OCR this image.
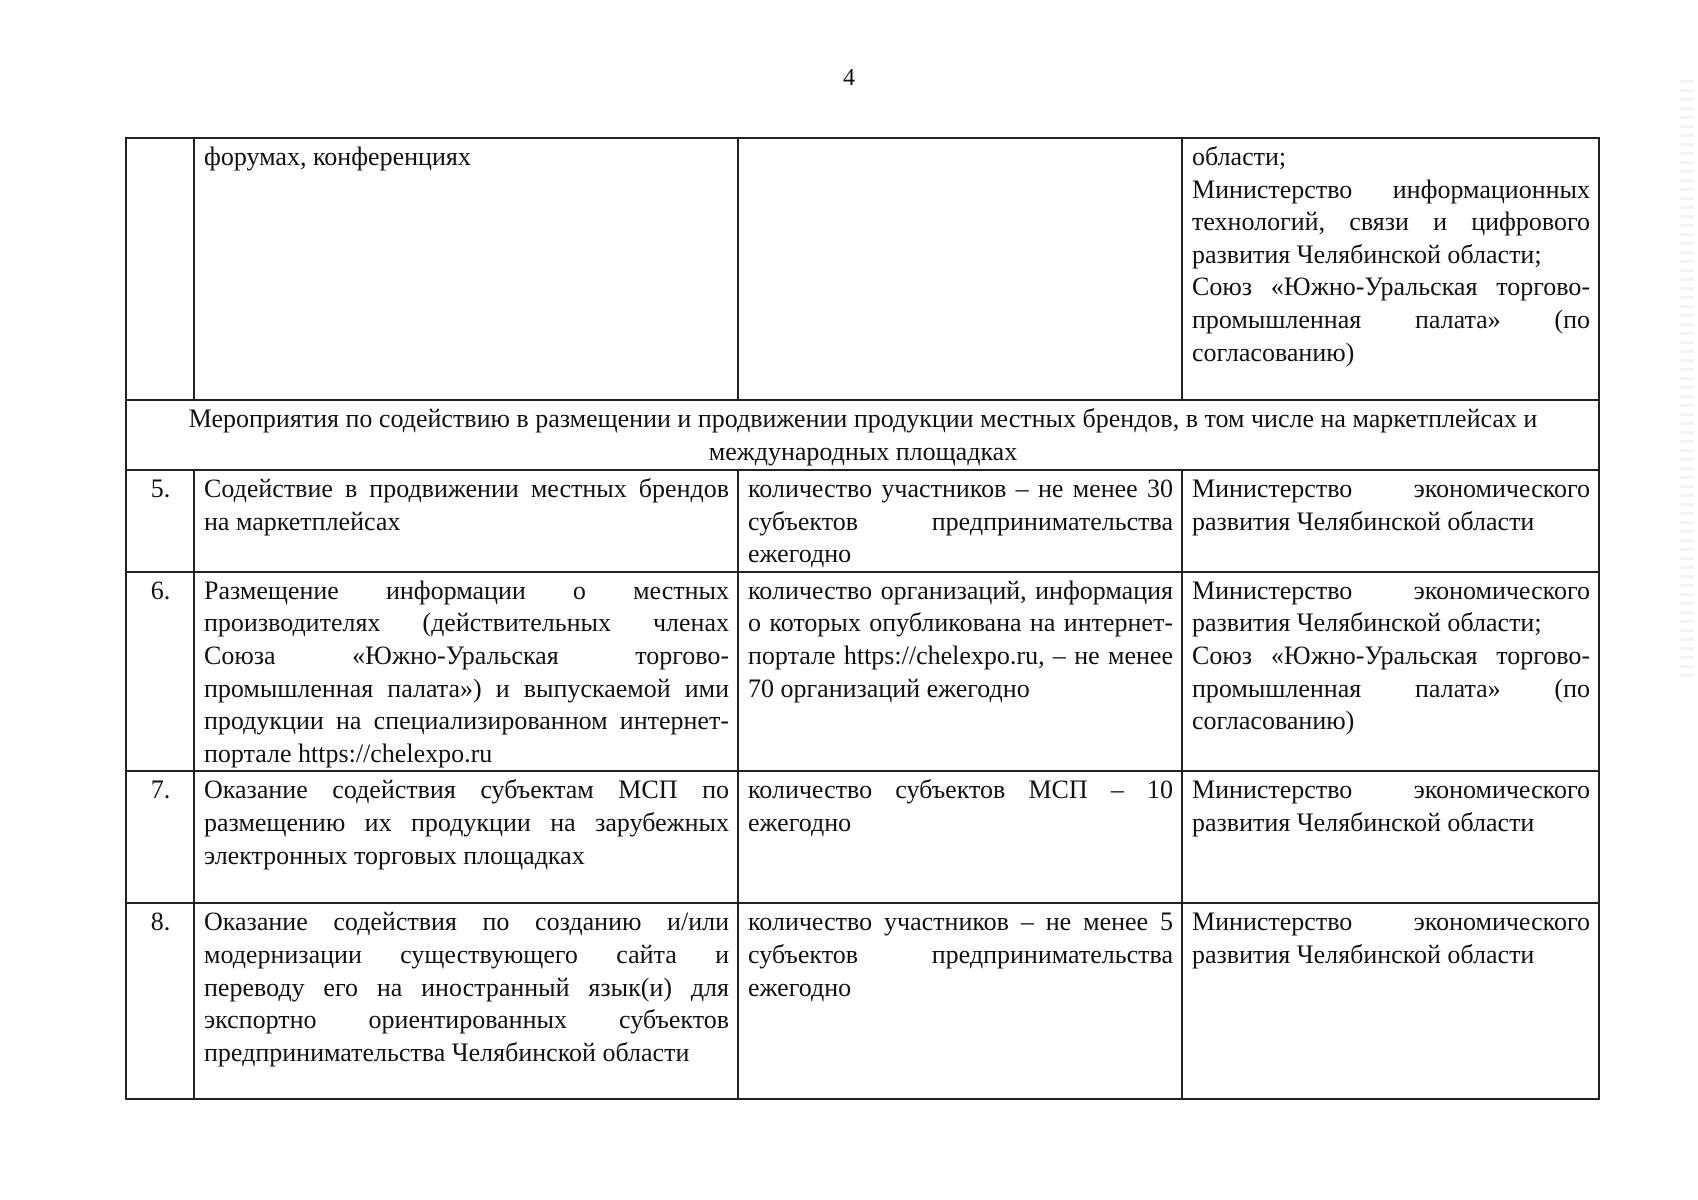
4
	форумах, конференциях		области;
Министерство информационных технологий, связи и цифрового развития Челябинской области;
Союз «Южно-Уральская торгово-промышленная палата» (по согласованию)

Мероприятия по содействию в размещении и продвижении продукции местных брендов, в том числе на маркетплейсах и международных площадках			
5.	Содействие в продвижении местных брендов на маркетплейсах	количество участников – не менее 30 субъектов предпринимательства ежегодно	Министерство экономического развития Челябинской области

6.	Размещение информации о местных производителях (действительных членах Союза «Южно-Уральская торгово-промышленная палата») и выпускаемой ими продукции на специализированном интернет-портале https://chelexpo.ru	количество организаций, информация о которых опубликована на интернет-портале https://chelexpo.ru, – не менее 70 организаций ежегодно	Министерство экономического развития Челябинской области;
Союз «Южно-Уральская торгово-промышленная палата» (по согласованию)

7.	Оказание содействия субъектам МСП по размещению их продукции на зарубежных электронных торговых площадках	количество субъектов МСП – 10 ежегодно	Министерство экономического развития Челябинской области

8.	Оказание содействия по созданию и/или модернизации существующего сайта и переводу его на иностранный язык(и) для экспортно ориентированных субъектов предпринимательства Челябинской области	количество участников – не менее 5 субъектов предпринимательства ежегодно	Министерство экономического развития Челябинской области
